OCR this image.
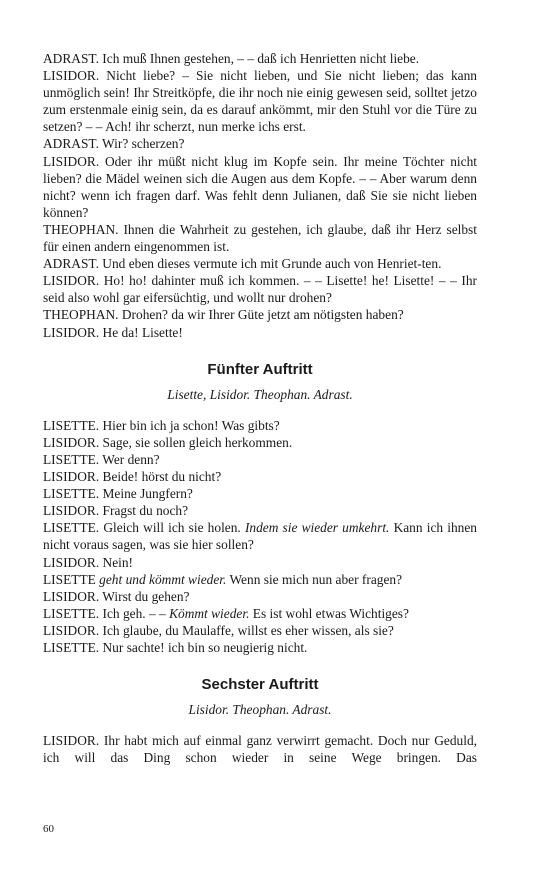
ADRAST. Ich muß Ihnen gestehen, – – daß ich Henrietten nicht liebe.

LISIDOR. Nicht liebe? – Sie nicht lieben, und Sie nicht lieben; das kann unmöglich sein! Ihr Streitköpfe, die ihr noch nie einig gewesen seid, solltet jetzo zum erstenmale einig sein, da es darauf ankömmt, mir den Stuhl vor die Türe zu setzen? – – Ach! ihr scherzt, nun merke ichs erst.

ADRAST. Wir? scherzen?

LISIDOR. Oder ihr müßt nicht klug im Kopfe sein. Ihr meine Töchter nicht lieben? die Mädel weinen sich die Augen aus dem Kopfe. – – Aber warum denn nicht? wenn ich fragen darf. Was fehlt denn Julianen, daß Sie sie nicht lieben können?

THEOPHAN. Ihnen die Wahrheit zu gestehen, ich glaube, daß ihr Herz selbst für einen andern eingenommen ist.

ADRAST. Und eben dieses vermute ich mit Grunde auch von Henriet-ten.

LISIDOR. Ho! ho! dahinter muß ich kommen. – – Lisette! he! Lisette! – – Ihr seid also wohl gar eifersüchtig, und wollt nur drohen?

THEOPHAN. Drohen? da wir Ihrer Güte jetzt am nötigsten haben?

LISIDOR. He da! Lisette!

Fünfter Auftritt

Lisette, Lisidor. Theophan. Adrast.

LISETTE. Hier bin ich ja schon! Was gibts?

LISIDOR. Sage, sie sollen gleich herkommen.

LISETTE. Wer denn?

LISIDOR. Beide! hörst du nicht?

LISETTE. Meine Jungfern?

LISIDOR. Fragst du noch?

LISETTE. Gleich will ich sie holen. Indem sie wieder umkehrt. Kann ich ihnen nicht voraus sagen, was sie hier sollen?

LISIDOR. Nein!

LISETTE geht und kömmt wieder. Wenn sie mich nun aber fragen?

LISIDOR. Wirst du gehen?

LISETTE. Ich geh. – – Kömmt wieder. Es ist wohl etwas Wichtiges?

LISIDOR. Ich glaube, du Maulaffe, willst es eher wissen, als sie?

LISETTE. Nur sachte! ich bin so neugierig nicht.

Sechster Auftritt

Lisidor. Theophan. Adrast.

LISIDOR. Ihr habt mich auf einmal ganz verwirrt gemacht. Doch nur Geduld, ich will das Ding schon wieder in seine Wege bringen. Das

60
